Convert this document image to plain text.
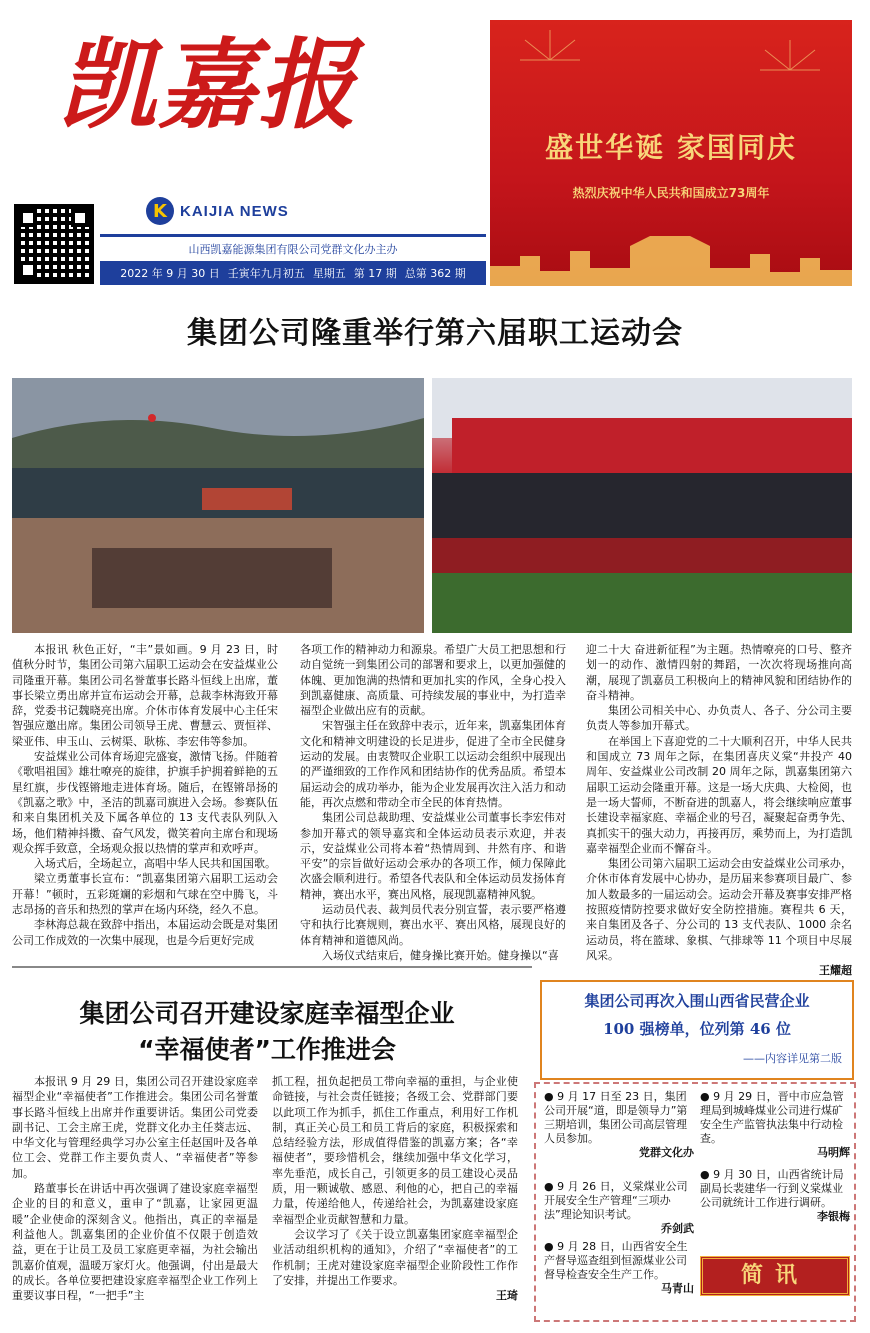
凯嘉报
K KAIJIA NEWS
山西凯嘉能源集团有限公司党群文化办主办
2022 年 9 月 30 日 壬寅年九月初五 星期五 第 17 期 总第 362 期
盛世华诞 家国同庆
热烈庆祝中华人民共和国成立73周年
集团公司隆重举行第六届职工运动会

本报讯 秋色正好，“丰”景如画。9 月 23 日，时值秋分时节，集团公司第六届职工运动会在安益煤业公司隆重开幕。集团公司名誉董事长路斗恒线上出席，董事长梁立勇出席并宣布运动会开幕，总裁李林海致开幕辞，党委书记魏晓亮出席。介休市体育发展中心主任宋智强应邀出席。集团公司领导王虎、曹慧云、贾恒祥、梁亚伟、申玉山、云树渠、耿栋、李宏伟等参加。

安益煤业公司体育场迎完盛宴，激情飞扬。伴随着《歌唱祖国》雄壮嘹亮的旋律，护旗手护拥着鲜艳的五星红旗，步伐铿锵地走进体育场。随后，在铿锵昂扬的《凯嘉之歌》中，圣洁的凯嘉司旗进入会场。参赛队伍和来自集团机关及下属各单位的 13 支代表队列队入场，他们精神抖擞、奋气风发，微笑着向主席台和现场观众挥手致意，全场观众报以热情的掌声和欢呼声。

入场式后，全场起立，高唱中华人民共和国国歌。

梁立勇董事长宣布：“凯嘉集团第六届职工运动会开幕！”顿时，五彩斑斓的彩烟和气球在空中腾飞，斗志昂扬的音乐和热烈的掌声在场内环绕，经久不息。

李林海总裁在致辞中指出，本届运动会既是对集团公司工作成效的一次集中展现，也是今后更好完成

各项工作的精神动力和源泉。希望广大员工把思想和行动自觉统一到集团公司的部署和要求上，以更加强健的体魄、更加饱满的热情和更加扎实的作风，全身心投入到凯嘉健康、高质量、可持续发展的事业中，为打造幸福型企业做出应有的贡献。

宋智强主任在致辞中表示，近年来，凯嘉集团体育文化和精神文明建设的长足进步，促进了全市全民健身运动的发展。由衷赞叹企业职工以运动会组织中展现出的严谨细致的工作作风和团结协作的优秀品质。希望本届运动会的成功举办，能为企业发展再次注入活力和动能，再次点燃和带动全市全民的体育热情。

集团公司总裁助理、安益煤业公司董事长李宏伟对参加开幕式的领导嘉宾和全体运动员表示欢迎，并表示，安益煤业公司将本着“热情周到、井然有序、和谐平安”的宗旨做好运动会承办的各项工作，倾力保障此次盛会顺利进行。希望各代表队和全体运动员发扬体育精神，赛出水平，赛出风格，展现凯嘉精神风貌。

运动员代表、裁判员代表分别宣誓，表示要严格遵守和执行比赛规则，赛出水平、赛出风格，展现良好的体育精神和道德风尚。

入场仪式结束后，健身操比赛开始。健身操以“喜

迎二十大 奋进新征程”为主题。热情嘹亮的口号、整齐划一的动作、激情四射的舞蹈，一次次将现场推向高潮，展现了凯嘉员工积极向上的精神风貌和团结协作的奋斗精神。

集团公司相关中心、办负责人、各子、分公司主要负责人等参加开幕式。

在举国上下喜迎党的二十大顺利召开，中华人民共和国成立 73 周年之际，在集团喜庆义棠“井投产 40 周年、安益煤业公司改制 20 周年之际，凯嘉集团第六届职工运动会隆重开幕。这是一场大庆典、大检阅，也是一场大誓师，不断奋进的凯嘉人，将会继续响应董事长建设幸福家庭、幸福企业的号召，凝聚起奋勇争先、真抓实干的强大动力，再接再厉，乘势而上，为打造凯嘉幸福型企业而不懈奋斗。

集团公司第六届职工运动会由安益煤业公司承办，介休市体育发展中心协办，是历届来参赛项目最广、参加人数最多的一届运动会。运动会开幕及赛事安排严格按照疫情防控要求做好安全防控措施。赛程共 6 天，来自集团及各子、分公司的 13 支代表队、1000 余名运动员，将在篮球、象棋、气排球等 11 个项目中尽展风采。

王耀超
集团公司召开建设家庭幸福型企业
“幸福使者”工作推进会
集团公司再次入围山西省民营企业
100 强榜单，位列第 46 位
——内容详见第二版

本报讯 9 月 29 日，集团公司召开建设家庭幸福型企业“幸福使者”工作推进会。集团公司名誉董事长路斗恒线上出席并作重要讲话。集团公司党委副书记、工会主席王虎，党群文化办主任葵志远、中华文化与管理经典学习办公室主任赵国叶及各单位工会、党群工作主要负责人、“幸福使者”等参加。

路董事长在讲话中再次强调了建设家庭幸福型企业的目的和意义，重申了“凯嘉，让家园更温暖”企业使命的深刻含义。他指出，真正的幸福是利益他人。凯嘉集团的企业价值不仅限于创造效益，更在于让员工及员工家庭更幸福，为社会输出凯嘉价值观，温暖万家灯火。他强调，付出是最大的成长。各单位要把建设家庭幸福型企业工作列上重要议事日程，“一把手”主

抓工程，扭负起把员工带向幸福的重担，与企业使命链接，与社会责任链接；各级工会、党群部门要以此项工作为抓手，抓住工作重点，利用好工作机制，真正关心员工和员工背后的家庭，积极探索和总结经验方法，形成值得借鉴的凯嘉方案；各“幸福使者”，要珍惜机会，继续加强中华文化学习，率先垂范，成长自己，引领更多的员工建设心灵品质，用一颗诚敬、感恩、利他的心，把自己的幸福力量，传递给他人，传递给社会，为凯嘉建设家庭幸福型企业贡献智慧和力量。

会议学习了《关于设立凯嘉集团家庭幸福型企业活动组织机构的通知》，介绍了“幸福使者”的工作机制；王虎对建设家庭幸福型企业阶段性工作作了安排，并提出工作要求。

王琦
● 9 月 17 日至 23 日，集团公司开展“道，即是领导力”第三期培训，集团公司高层管理人员参加。
党群文化办
● 9 月 26 日，义棠煤业公司开展安全生产管理“三项办法”理论知识考试。
乔剑武
● 9 月 28 日，山西省安全生产督导巡查组到恒源煤业公司督导检查安全生产工作。
马青山
● 9 月 29 日，晋中市应急管理局到城峰煤业公司进行煤矿安全生产监管执法集中行动检查。
马明辉
● 9 月 30 日，山西省统计局副局长裴建华一行到义棠煤业公司就统计工作进行调研。
李银梅
简讯
